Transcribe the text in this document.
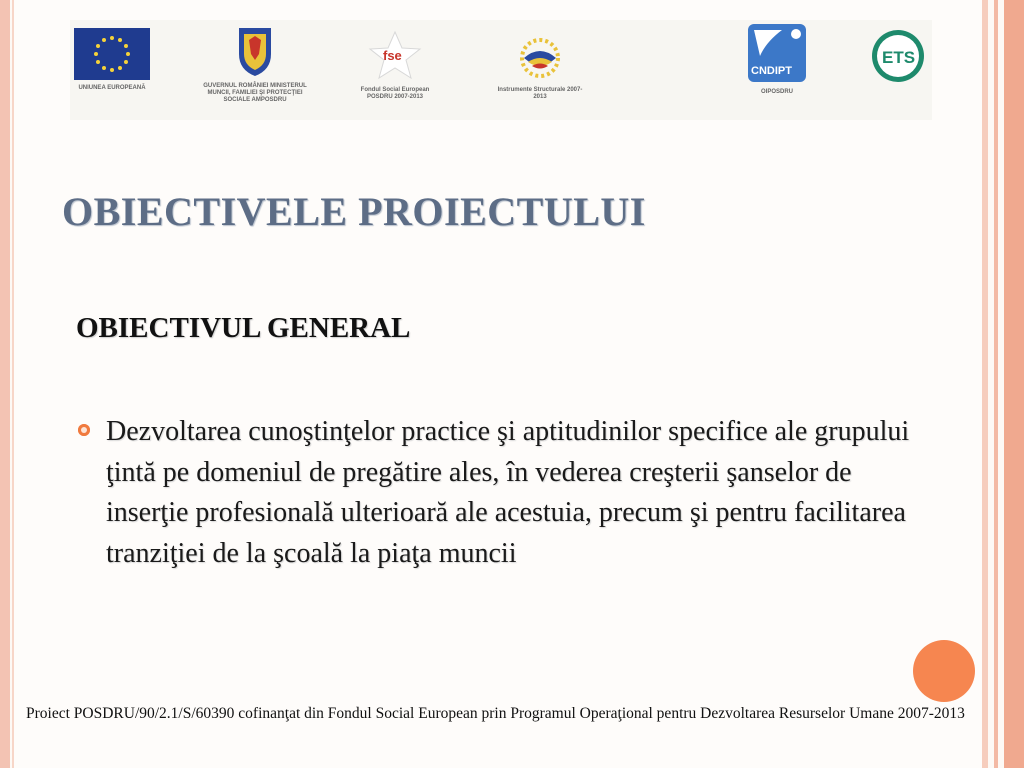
UNIUNEA EUROPEANĂ	GUVERNUL ROMÂNIEI MINISTERUL MUNCII, FAMILIEI ŞI PROTECŢIEI SOCIALE AMPOSDRU
fse
Fondul Social European POSDRU 2007-2013
Instrumente Structurale 2007-2013
CNDIPT
OIPOSDRU
ETS
OBIECTIVELE PROIECTULUI
OBIECTIVUL GENERAL

Dezvoltarea cunoştinţelor practice şi aptitudinilor specifice ale grupului ţintă pe domeniul de pregătire ales, în vederea creşterii şanselor de inserţie profesională ulterioară ale acestuia, precum şi pentru facilitarea tranziţiei de la şcoală la piaţa muncii

Proiect POSDRU/90/2.1/S/60390 cofinanţat din Fondul Social European prin Programul Operaţional pentru Dezvoltarea Resurselor Umane 2007-2013
